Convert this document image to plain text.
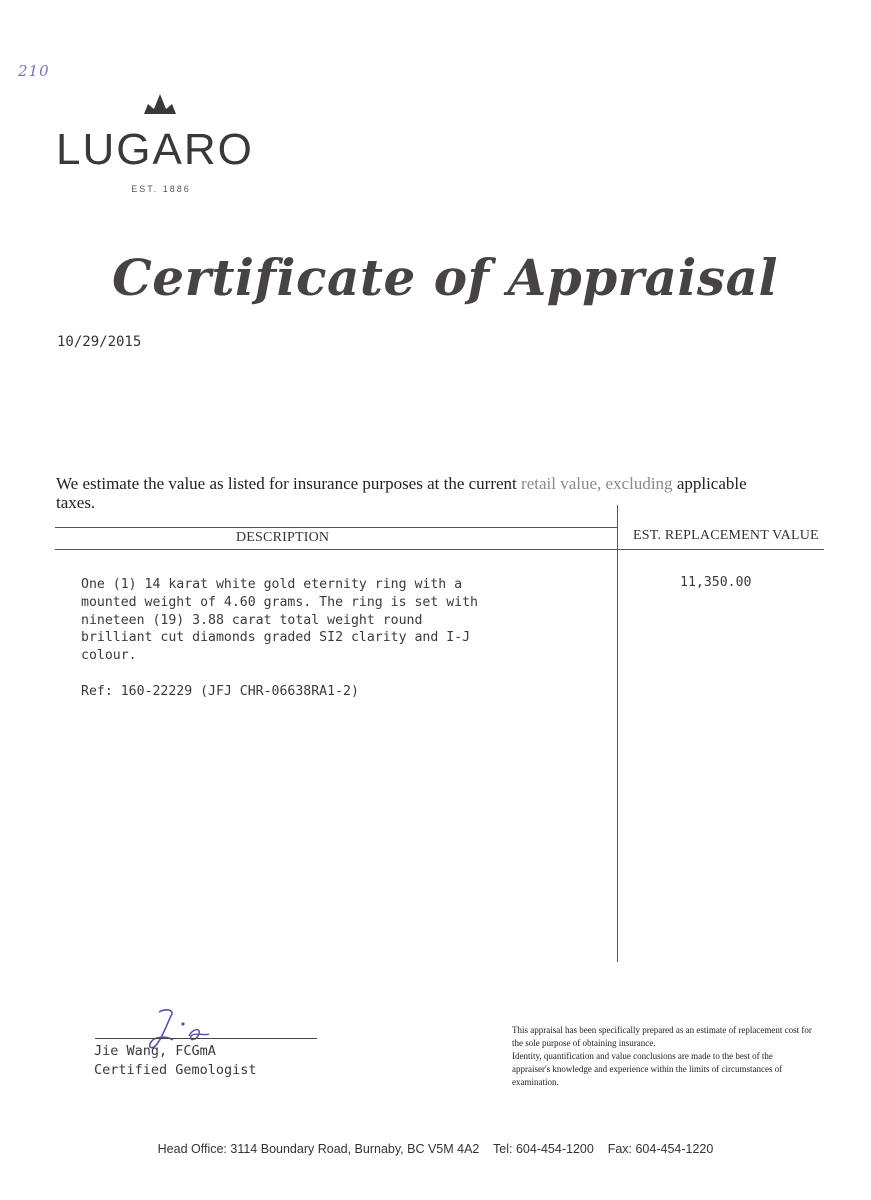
210
LUGARO
EST. 1886
Certificate of Appraisal
10/29/2015
We estimate the value as listed for insurance purposes at the current retail value, excluding applicable taxes.
DESCRIPTION	EST. REPLACEMENT VALUE
One (1) 14 karat white gold eternity ring with a
mounted weight of 4.60 grams. The ring is set with
nineteen (19) 3.88 carat total weight round
brilliant cut diamonds graded SI2 clarity and I-J
colour.
Ref: 160-22229 (JFJ CHR-06638RA1-2)
11,350.00
Jie Wang, FCGmA
Certified Gemologist

This appraisal has been specifically prepared as an estimate of replacement cost for the sole purpose of obtaining insurance.

Identity, quantification and value conclusions are made to the best of the appraiser's knowledge and experience within the limits of circumstances of examination.

Head Office: 3114 Boundary Road, Burnaby, BC V5M 4A2    Tel: 604-454-1200    Fax: 604-454-1220
